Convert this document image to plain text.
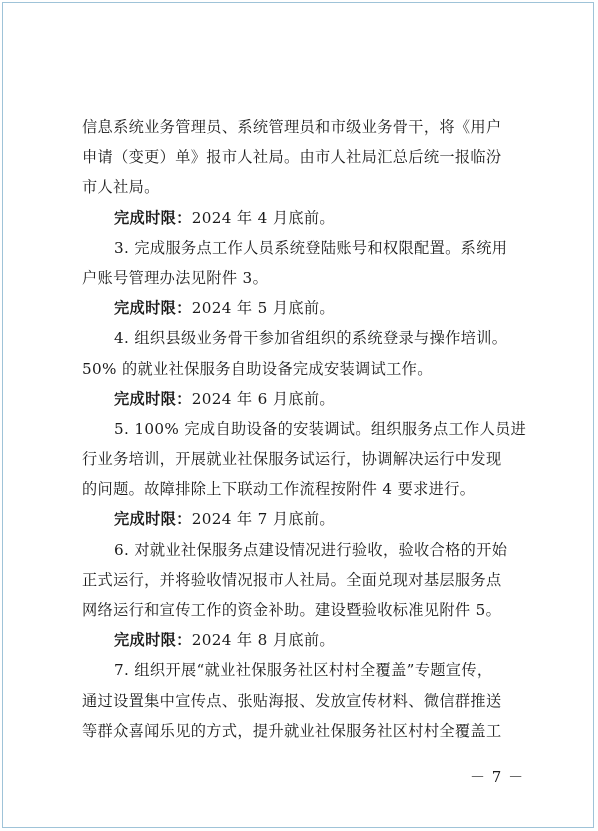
信息系统业务管理员、系统管理员和市级业务骨干，将《用户
申请（变更）单》报市人社局。由市人社局汇总后统一报临汾
市人社局。
完成时限：2024 年 4 月底前。
3. 完成服务点工作人员系统登陆账号和权限配置。系统用
户账号管理办法见附件 3。
完成时限：2024 年 5 月底前。
4. 组织县级业务骨干参加省组织的系统登录与操作培训。
50% 的就业社保服务自助设备完成安装调试工作。
完成时限：2024 年 6 月底前。
5. 100% 完成自助设备的安装调试。组织服务点工作人员进
行业务培训，开展就业社保服务试运行，协调解决运行中发现
的问题。故障排除上下联动工作流程按附件 4 要求进行。
完成时限：2024 年 7 月底前。
6. 对就业社保服务点建设情况进行验收，验收合格的开始
正式运行，并将验收情况报市人社局。全面兑现对基层服务点
网络运行和宣传工作的资金补助。建设暨验收标准见附件 5。
完成时限：2024 年 8 月底前。
7. 组织开展“就业社保服务社区村村全覆盖”专题宣传，
通过设置集中宣传点、张贴海报、发放宣传材料、微信群推送
等群众喜闻乐见的方式，提升就业社保服务社区村村全覆盖工
－ 7 －
